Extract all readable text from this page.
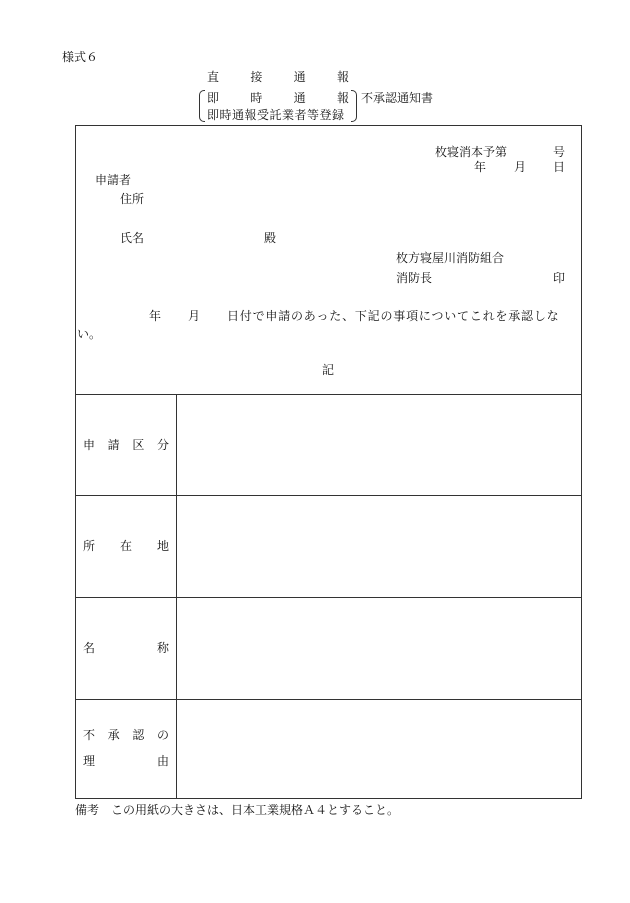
様式６
直	接	通	報
即	時	通	報
即時通報受託業者等登録
不承認通知書
枚寝消本予第	号
年 月 日
申請者
住所
氏名	殿
枚方寝屋川消防組合
消防長	印
年 月 日付で申請のあった、下記の事項についてこれを承認しな
い。
記
申 請 区 分
所 在 地
名	称
不 承 認 の
理	由
備考　この用紙の大きさは、日本工業規格Ａ４とすること。
